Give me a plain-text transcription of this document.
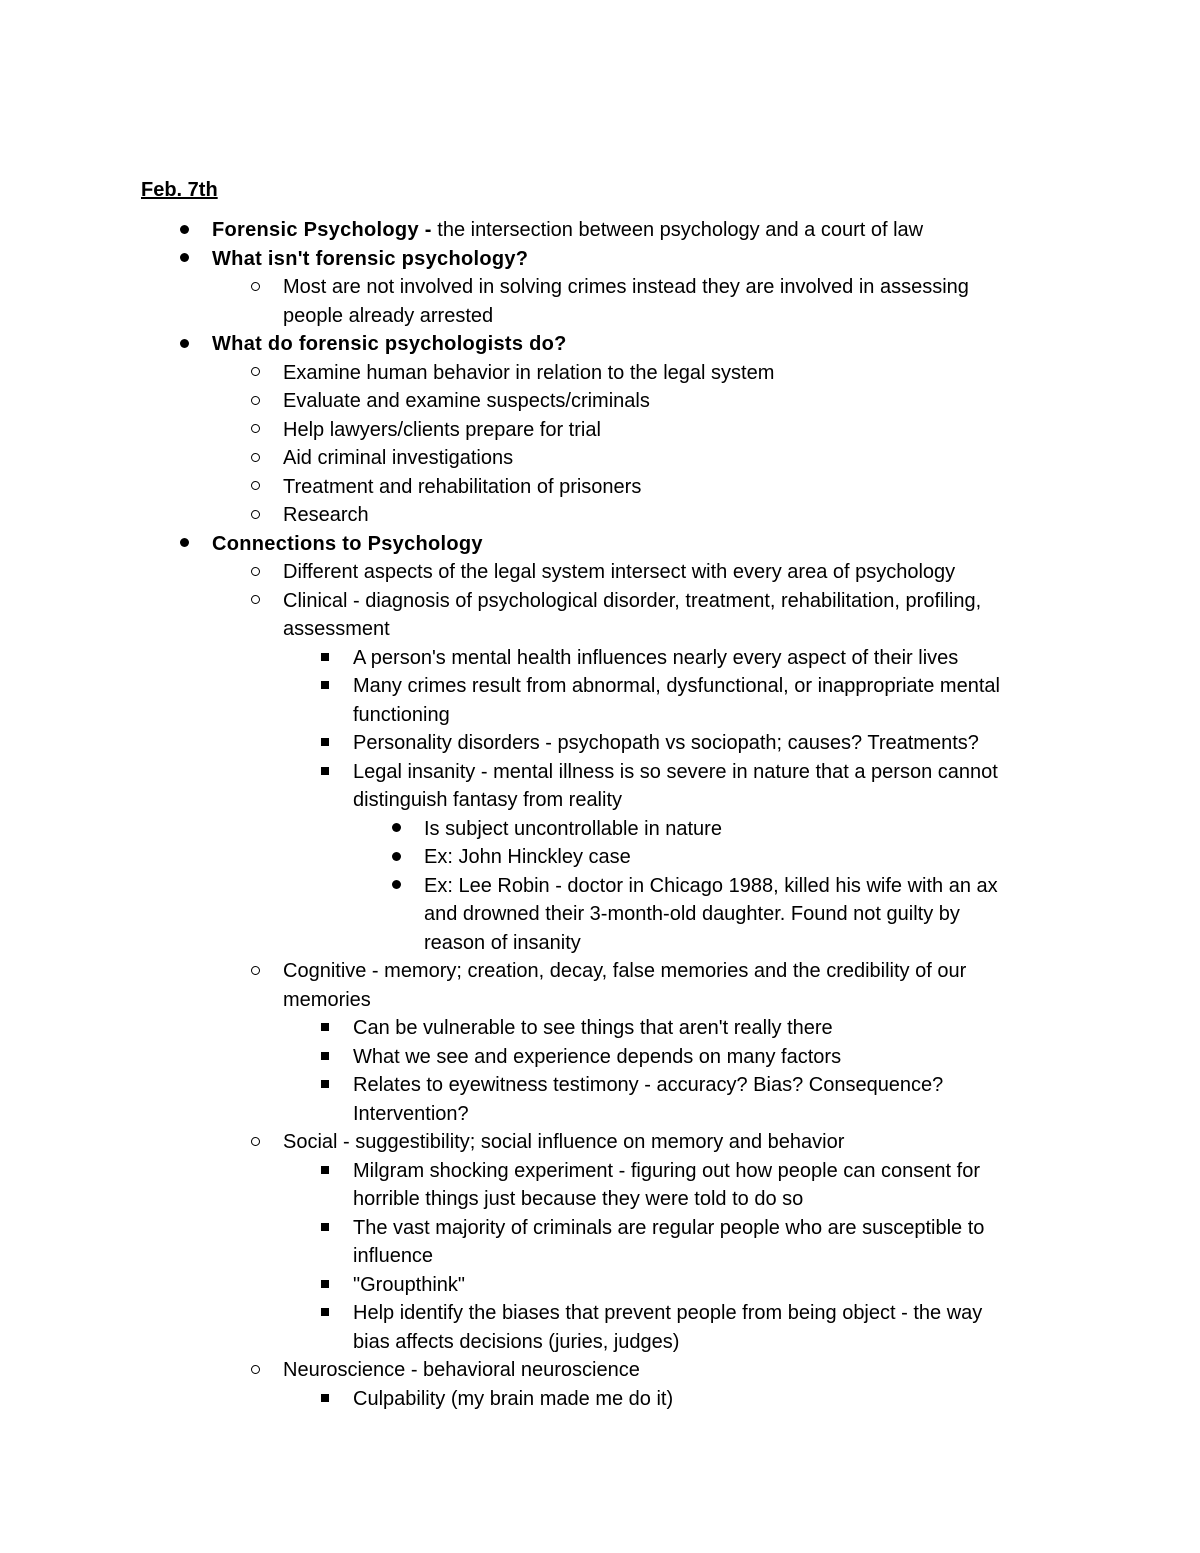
Feb. 7th
Forensic Psychology - the intersection between psychology and a court of law
What isn't forensic psychology?
Most are not involved in solving crimes instead they are involved in assessing
people already arrested
What do forensic psychologists do?
Examine human behavior in relation to the legal system
Evaluate and examine suspects/criminals
Help lawyers/clients prepare for trial
Aid criminal investigations
Treatment and rehabilitation of prisoners
Research
Connections to Psychology
Different aspects of the legal system intersect with every area of psychology
Clinical - diagnosis of psychological disorder, treatment, rehabilitation, profiling,
assessment
A person's mental health influences nearly every aspect of their lives
Many crimes result from abnormal, dysfunctional, or inappropriate mental
functioning
Personality disorders - psychopath vs sociopath; causes? Treatments?
Legal insanity - mental illness is so severe in nature that a person cannot
distinguish fantasy from reality
Is subject uncontrollable in nature
Ex: John Hinckley case
Ex: Lee Robin - doctor in Chicago 1988, killed his wife with an ax
and drowned their 3-month-old daughter. Found not guilty by
reason of insanity
Cognitive - memory; creation, decay, false memories and the credibility of our
memories
Can be vulnerable to see things that aren't really there
What we see and experience depends on many factors
Relates to eyewitness testimony - accuracy? Bias? Consequence?
Intervention?
Social - suggestibility; social influence on memory and behavior
Milgram shocking experiment - figuring out how people can consent for
horrible things just because they were told to do so
The vast majority of criminals are regular people who are susceptible to
influence
"Groupthink"
Help identify the biases that prevent people from being object - the way
bias affects decisions (juries, judges)
Neuroscience - behavioral neuroscience
Culpability (my brain made me do it)
